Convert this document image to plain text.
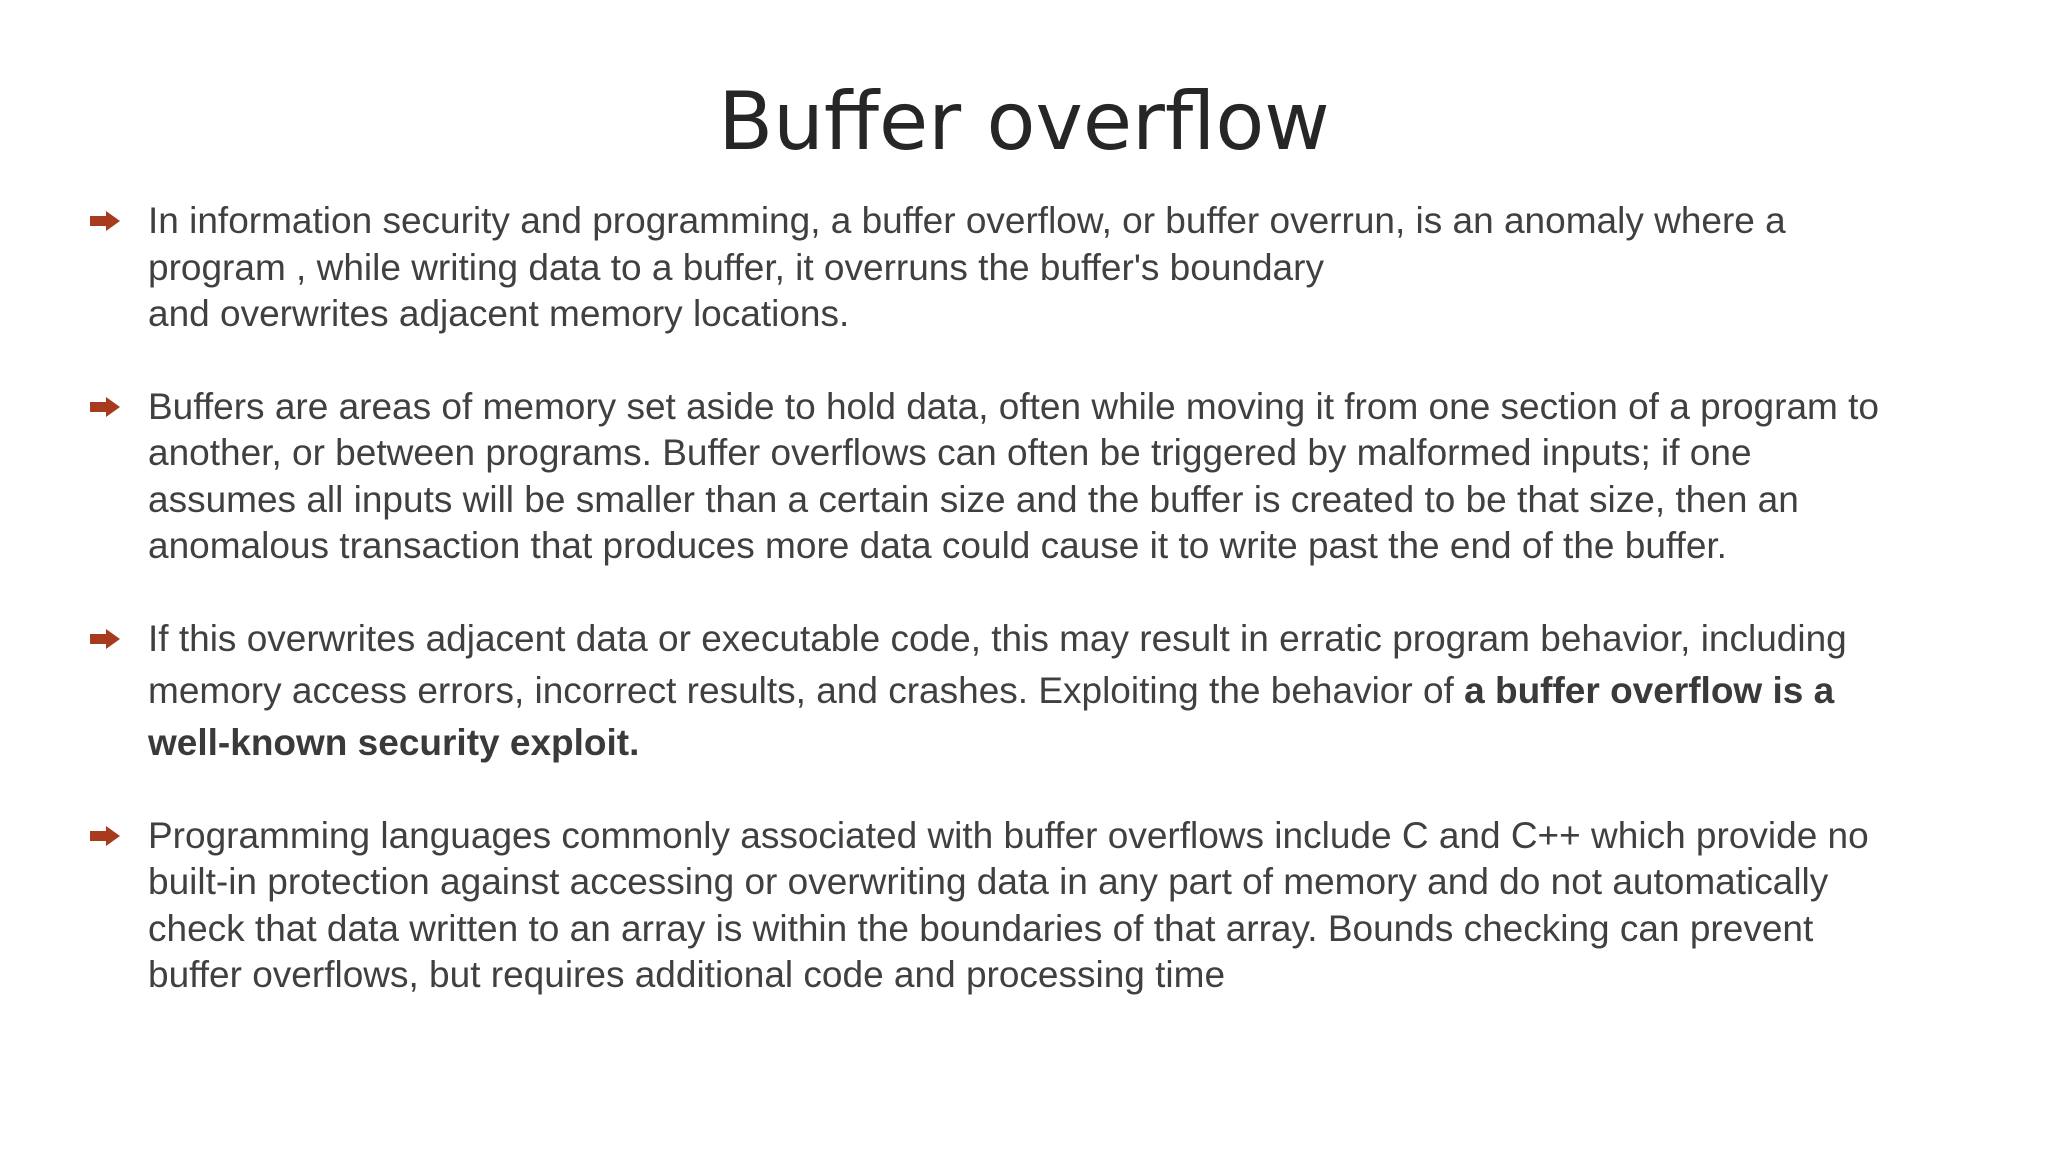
Buffer overflow
In information security and programming, a buffer overflow, or buffer overrun, is an anomaly where a
program , while writing data to a buffer, it overruns the buffer's boundary
and overwrites adjacent memory locations.
Buffers are areas of memory set aside to hold data, often while moving it from one section of a program to
another, or between programs. Buffer overflows can often be triggered by malformed inputs; if one
assumes all inputs will be smaller than a certain size and the buffer is created to be that size, then an
anomalous transaction that produces more data could cause it to write past the end of the buffer.
If this overwrites adjacent data or executable code, this may result in erratic program behavior, including
memory access errors, incorrect results, and crashes. Exploiting the behavior of a buffer overflow is a
well-known security exploit.
Programming languages commonly associated with buffer overflows include C and C++ which provide no
built-in protection against accessing or overwriting data in any part of memory and do not automatically
check that data written to an array is within the boundaries of that array. Bounds checking can prevent
buffer overflows, but requires additional code and processing time
